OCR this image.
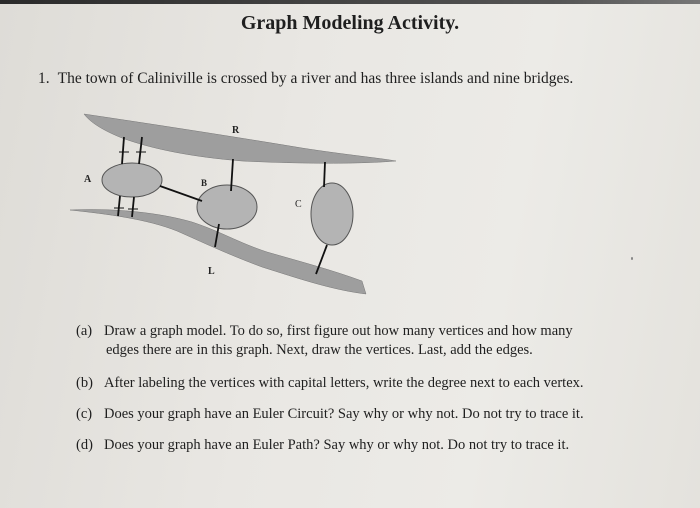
Graph Modeling Activity.
1. The town of Caliniville is crossed by a river and has three islands and nine bridges.
R
A	B
C
L
(a) Draw a graph model. To do so, first figure out how many vertices and how many
edges there are in this graph. Next, draw the vertices. Last, add the edges.
(b) After labeling the vertices with capital letters, write the degree next to each vertex.
(c) Does your graph have an Euler Circuit? Say why or why not. Do not try to trace it.
(d) Does your graph have an Euler Path? Say why or why not. Do not try to trace it.
